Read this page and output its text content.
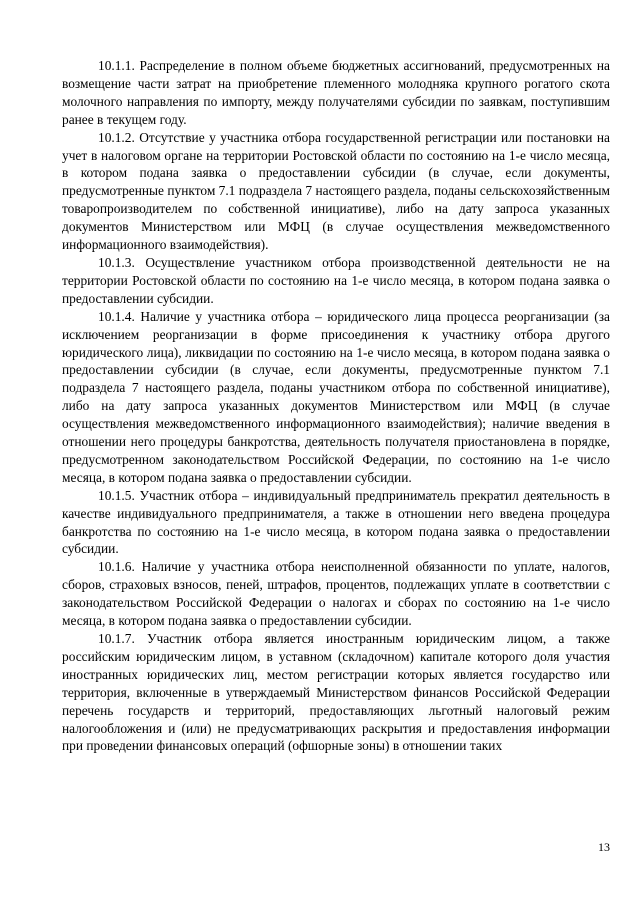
10.1.1. Распределение в полном объеме бюджетных ассигнований, предусмотренных на возмещение части затрат на приобретение племенного молодняка крупного рогатого скота молочного направления по импорту, между получателями субсидии по заявкам, поступившим ранее в текущем году.

10.1.2. Отсутствие у участника отбора государственной регистрации или постановки на учет в налоговом органе на территории Ростовской области по состоянию на 1-е число месяца, в котором подана заявка о предоставлении субсидии (в случае, если документы, предусмотренные пунктом 7.1 подраздела 7 настоящего раздела, поданы сельскохозяйственным товаропроизводителем по собственной инициативе), либо на дату запроса указанных документов Министерством или МФЦ (в случае осуществления межведомственного информационного взаимодействия).

10.1.3. Осуществление участником отбора производственной деятельности не на территории Ростовской области по состоянию на 1-е число месяца, в котором подана заявка о предоставлении субсидии.

10.1.4. Наличие у участника отбора – юридического лица процесса реорганизации (за исключением реорганизации в форме присоединения к участнику отбора другого юридического лица), ликвидации по состоянию на 1-е число месяца, в котором подана заявка о предоставлении субсидии (в случае, если документы, предусмотренные пунктом 7.1 подраздела 7 настоящего раздела, поданы участником отбора по собственной инициативе), либо на дату запроса указанных документов Министерством или МФЦ (в случае осуществления межведомственного информационного взаимодействия); наличие введения в отношении него процедуры банкротства, деятельность получателя приостановлена в порядке, предусмотренном законодательством Российской Федерации, по состоянию на 1-е число месяца, в котором подана заявка о предоставлении субсидии.

10.1.5. Участник отбора – индивидуальный предприниматель прекратил деятельность в качестве индивидуального предпринимателя, а также в отношении него введена процедура банкротства по состоянию на 1-е число месяца, в котором подана заявка о предоставлении субсидии.

10.1.6. Наличие у участника отбора неисполненной обязанности по уплате, налогов, сборов, страховых взносов, пеней, штрафов, процентов, подлежащих уплате в соответствии с законодательством Российской Федерации о налогах и сборах по состоянию на 1-е число месяца, в котором подана заявка о предоставлении субсидии.

10.1.7. Участник отбора является иностранным юридическим лицом, а также российским юридическим лицом, в уставном (складочном) капитале которого доля участия иностранных юридических лиц, местом регистрации которых является государство или территория, включенные в утверждаемый Министерством финансов Российской Федерации перечень государств и территорий, предоставляющих льготный налоговый режим налогообложения и (или) не предусматривающих раскрытия и предоставления информации при проведении финансовых операций (офшорные зоны) в отношении таких

13
